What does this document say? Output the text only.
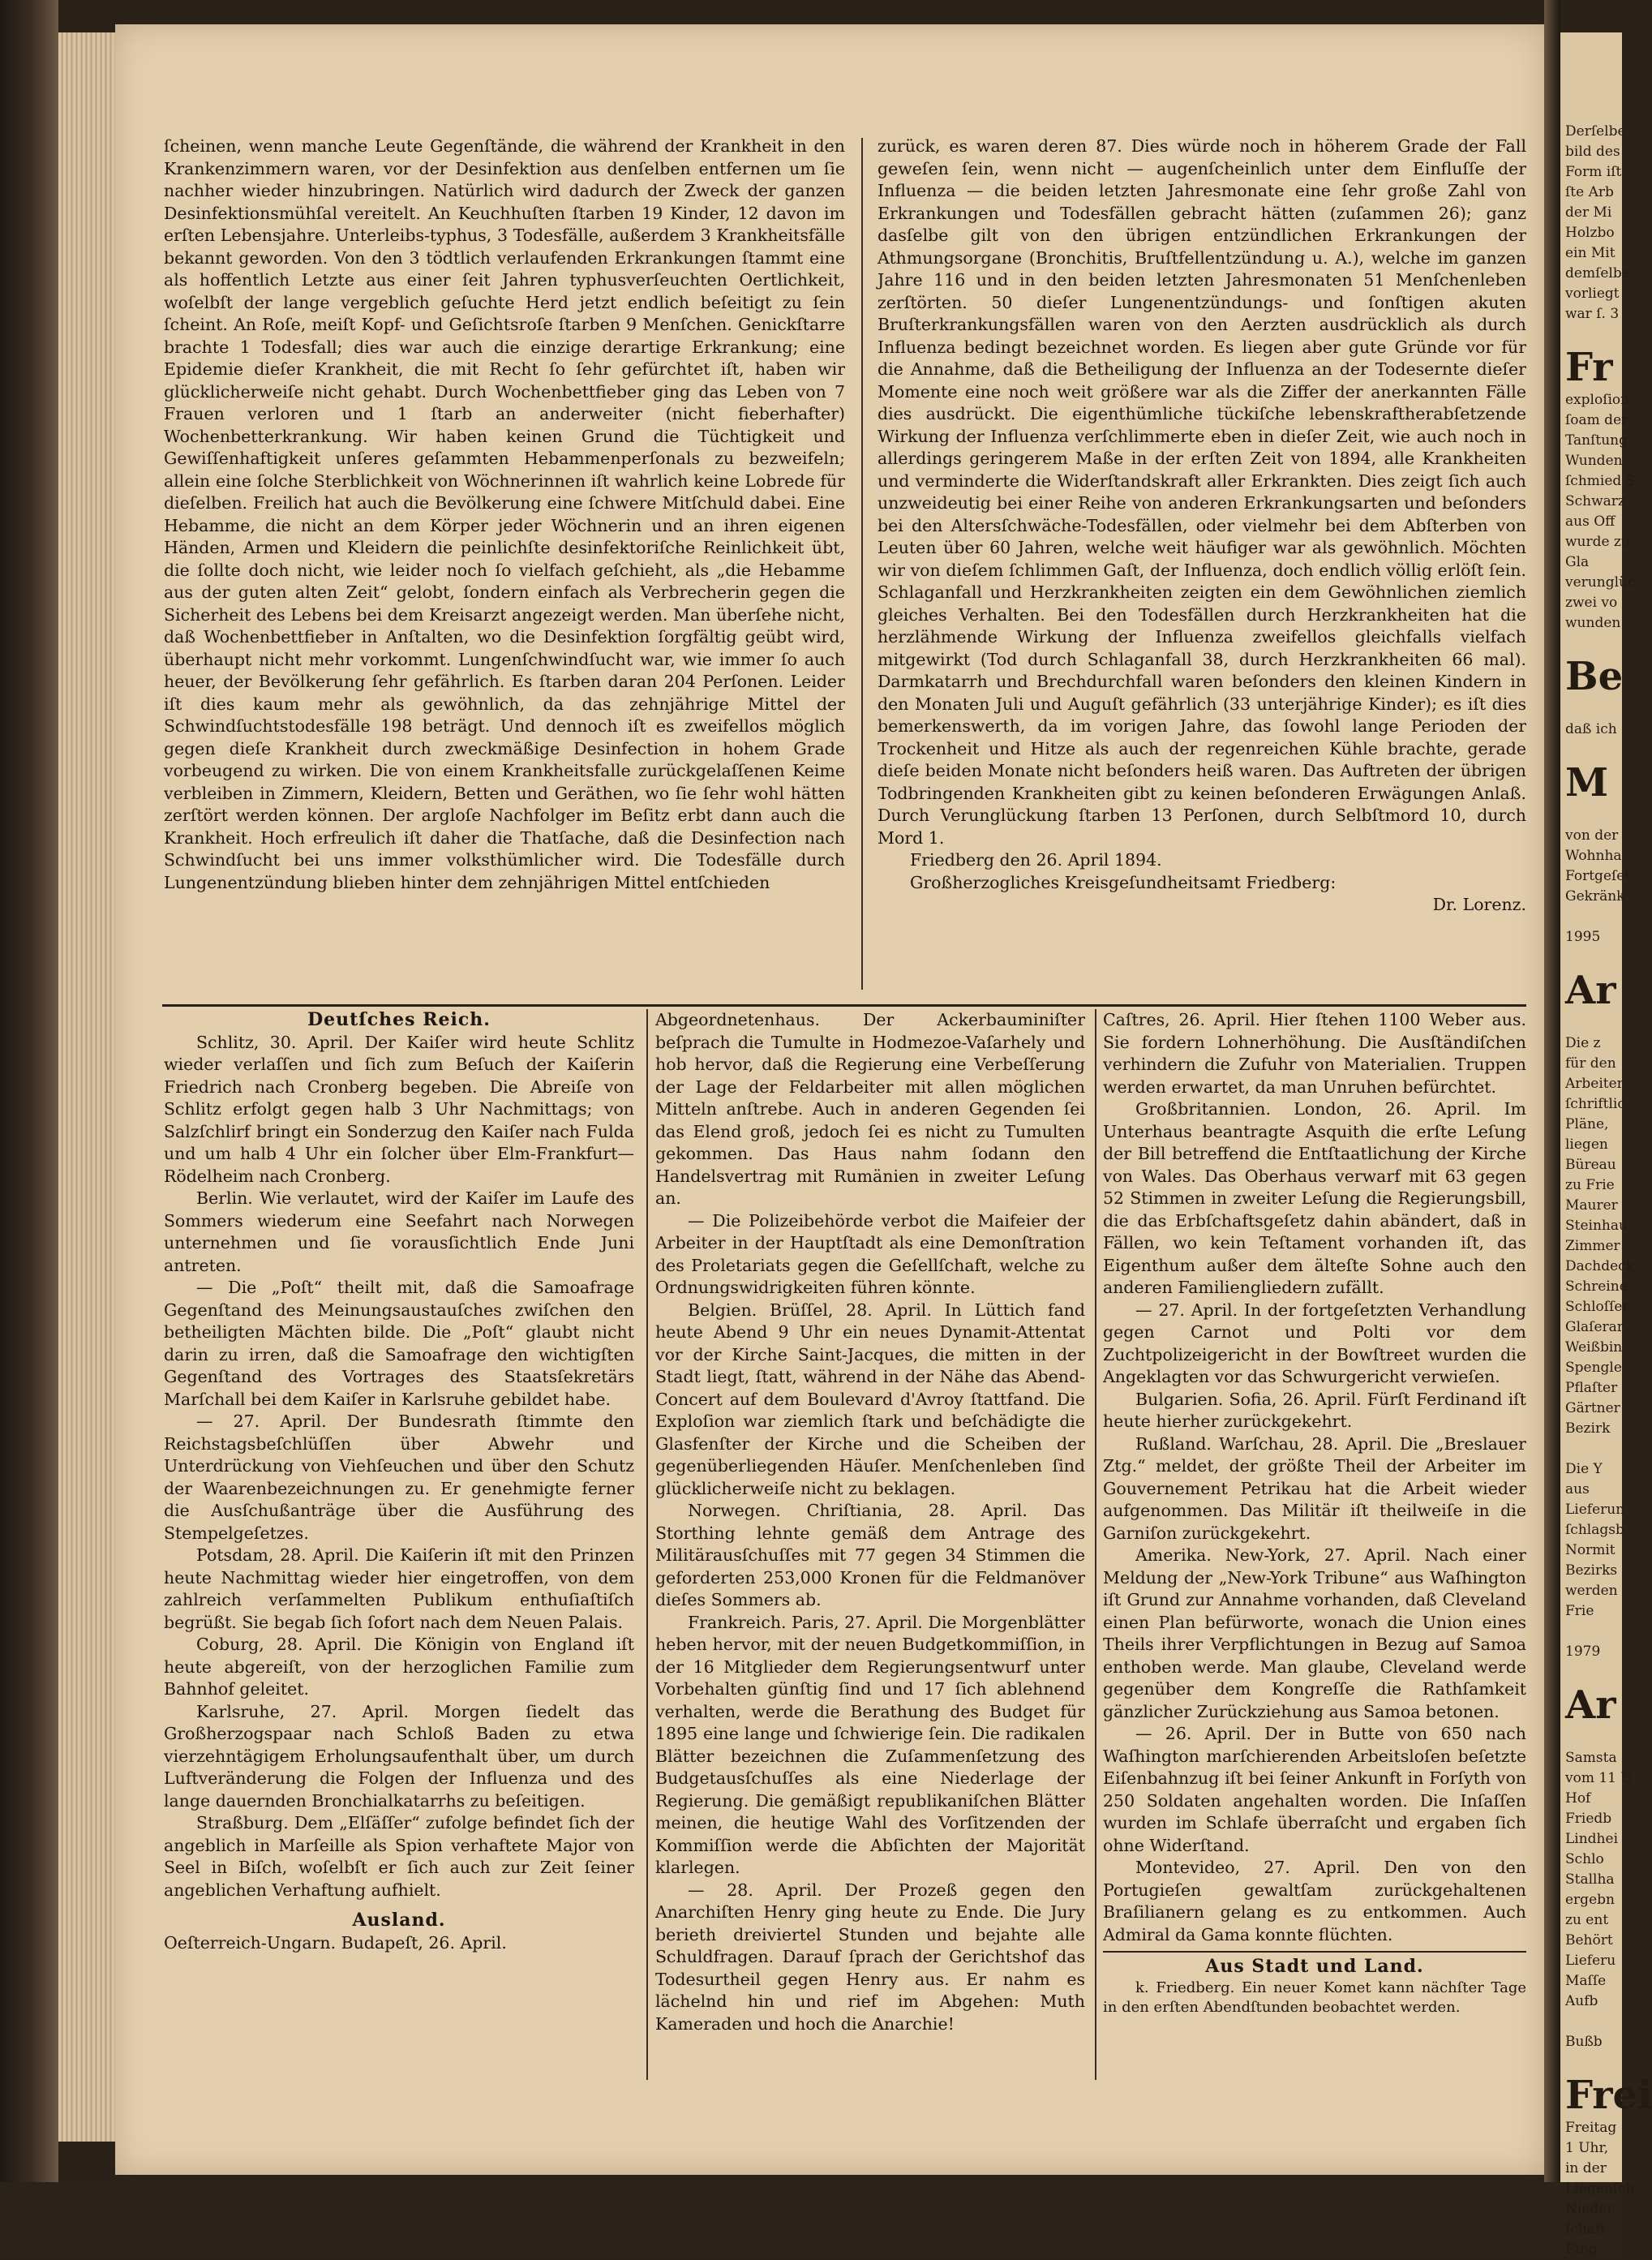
ſcheinen, wenn manche Leute Gegenſtände, die während der Krankheit in den Krankenzimmern waren, vor der Desinfektion aus denſelben entfernen um ſie nachher wieder hinzubringen. Natürlich wird dadurch der Zweck der ganzen Desinfektionsmühſal vereitelt. An Keuchhuſten ſtarben 19 Kinder, 12 davon im erſten Lebensjahre. Unterleibs-typhus, 3 Todesfälle, außerdem 3 Krankheitsfälle bekannt geworden. Von den 3 tödtlich verlaufenden Erkrankungen ſtammt eine als hoffentlich Letzte aus einer ſeit Jahren typhusverſeuchten Oertlichkeit, woſelbſt der lange vergeblich geſuchte Herd jetzt endlich beſeitigt zu ſein ſcheint. An Roſe, meiſt Kopf- und Geſichtsroſe ſtarben 9 Menſchen. Genickſtarre brachte 1 Todesfall; dies war auch die einzige derartige Erkrankung; eine Epidemie dieſer Krankheit, die mit Recht ſo ſehr gefürchtet iſt, haben wir glücklicherweiſe nicht gehabt. Durch Wochenbettfieber ging das Leben von 7 Frauen verloren und 1 ſtarb an anderweiter (nicht fieberhafter) Wochenbetterkrankung. Wir haben keinen Grund die Tüchtigkeit und Gewiſſenhaftigkeit unſeres geſammten Hebammenperſonals zu bezweifeln; allein eine ſolche Sterblichkeit von Wöchnerinnen iſt wahrlich keine Lobrede für dieſelben. Freilich hat auch die Bevölkerung eine ſchwere Mitſchuld dabei. Eine Hebamme, die nicht an dem Körper jeder Wöchnerin und an ihren eigenen Händen, Armen und Kleidern die peinlichſte desinfektoriſche Reinlichkeit übt, die ſollte doch nicht, wie leider noch ſo vielfach geſchieht, als „die Hebamme aus der guten alten Zeit“ gelobt, ſondern einfach als Verbrecherin gegen die Sicherheit des Lebens bei dem Kreisarzt angezeigt werden. Man überſehe nicht, daß Wochenbettfieber in Anſtalten, wo die Desinfektion ſorgfältig geübt wird, überhaupt nicht mehr vorkommt. Lungenſchwindſucht war, wie immer ſo auch heuer, der Bevölkerung ſehr gefährlich. Es ſtarben daran 204 Perſonen. Leider iſt dies kaum mehr als gewöhnlich, da das zehnjährige Mittel der Schwindſuchtstodesfälle 198 beträgt. Und dennoch iſt es zweifellos möglich gegen dieſe Krankheit durch zweckmäßige Desinfection in hohem Grade vorbeugend zu wirken. Die von einem Krankheitsfalle zurückgelaſſenen Keime verbleiben in Zimmern, Kleidern, Betten und Geräthen, wo ſie ſehr wohl hätten zerſtört werden können. Der argloſe Nachfolger im Beſitz erbt dann auch die Krankheit. Hoch erfreulich iſt daher die Thatſache, daß die Desinfection nach Schwindſucht bei uns immer volksthümlicher wird. Die Todesfälle durch Lungenentzündung blieben hinter dem zehnjährigen Mittel entſchieden

zurück, es waren deren 87. Dies würde noch in höherem Grade der Fall geweſen ſein, wenn nicht — augenſcheinlich unter dem Einfluſſe der Influenza — die beiden letzten Jahresmonate eine ſehr große Zahl von Erkrankungen und Todesfällen gebracht hätten (zuſammen 26); ganz dasſelbe gilt von den übrigen entzündlichen Erkrankungen der Athmungsorgane (Bronchitis, Bruſtfellentzündung u. A.), welche im ganzen Jahre 116 und in den beiden letzten Jahresmonaten 51 Menſchenleben zerſtörten. 50 dieſer Lungenentzündungs- und ſonſtigen akuten Bruſterkrankungsfällen waren von den Aerzten ausdrücklich als durch Influenza bedingt bezeichnet worden. Es liegen aber gute Gründe vor für die Annahme, daß die Betheiligung der Influenza an der Todesernte dieſer Momente eine noch weit größere war als die Ziffer der anerkannten Fälle dies ausdrückt. Die eigenthümliche tückiſche lebenskraftherabſetzende Wirkung der Influenza verſchlimmerte eben in dieſer Zeit, wie auch noch in allerdings geringerem Maße in der erſten Zeit von 1894, alle Krankheiten und verminderte die Widerſtandskraft aller Erkrankten. Dies zeigt ſich auch unzweideutig bei einer Reihe von anderen Erkrankungsarten und beſonders bei den Altersſchwäche-Todesfällen, oder vielmehr bei dem Abſterben von Leuten über 60 Jahren, welche weit häufiger war als gewöhnlich. Möchten wir von dieſem ſchlimmen Gaſt, der Influenza, doch endlich völlig erlöſt ſein. Schlaganfall und Herzkrankheiten zeigten ein dem Gewöhnlichen ziemlich gleiches Verhalten. Bei den Todesfällen durch Herzkrankheiten hat die herzlähmende Wirkung der Influenza zweifellos gleichfalls vielfach mitgewirkt (Tod durch Schlaganfall 38, durch Herzkrankheiten 66 mal). Darmkatarrh und Brechdurchfall waren beſonders den kleinen Kindern in den Monaten Juli und Auguſt gefährlich (33 unterjährige Kinder); es iſt dies bemerkenswerth, da im vorigen Jahre, das ſowohl lange Perioden der Trockenheit und Hitze als auch der regenreichen Kühle brachte, gerade dieſe beiden Monate nicht beſonders heiß waren. Das Auftreten der übrigen Todbringenden Krankheiten gibt zu keinen beſonderen Erwägungen Anlaß. Durch Verunglückung ſtarben 13 Perſonen, durch Selbſtmord 10, durch Mord 1.

Friedberg den 26. April 1894.

Großherzogliches Kreisgeſundheitsamt Friedberg:

Dr. Lorenz.

Deutſches Reich.

Schlitz, 30. April. Der Kaiſer wird heute Schlitz wieder verlaſſen und ſich zum Beſuch der Kaiſerin Friedrich nach Cronberg begeben. Die Abreiſe von Schlitz erfolgt gegen halb 3 Uhr Nachmittags; von Salzſchlirf bringt ein Sonderzug den Kaiſer nach Fulda und um halb 4 Uhr ein ſolcher über Elm-Frankfurt—Rödelheim nach Cronberg.

Berlin. Wie verlautet, wird der Kaiſer im Laufe des Sommers wiederum eine Seefahrt nach Norwegen unternehmen und ſie vorausſichtlich Ende Juni antreten.

— Die „Poſt“ theilt mit, daß die Samoafrage Gegenſtand des Meinungsaustauſches zwiſchen den betheiligten Mächten bilde. Die „Poſt“ glaubt nicht darin zu irren, daß die Samoafrage den wichtigſten Gegenſtand des Vortrages des Staatsſekretärs Marſchall bei dem Kaiſer in Karlsruhe gebildet habe.

— 27. April. Der Bundesrath ſtimmte den Reichstagsbeſchlüſſen über Abwehr und Unterdrückung von Viehſeuchen und über den Schutz der Waarenbezeichnungen zu. Er genehmigte ferner die Ausſchußanträge über die Ausführung des Stempelgeſetzes.

Potsdam, 28. April. Die Kaiſerin iſt mit den Prinzen heute Nachmittag wieder hier eingetroffen, von dem zahlreich verſammelten Publikum enthuſiaſtiſch begrüßt. Sie begab ſich ſofort nach dem Neuen Palais.

Coburg, 28. April. Die Königin von England iſt heute abgereiſt, von der herzoglichen Familie zum Bahnhof geleitet.

Karlsruhe, 27. April. Morgen ſiedelt das Großherzogspaar nach Schloß Baden zu etwa vierzehntägigem Erholungsaufenthalt über, um durch Luftveränderung die Folgen der Influenza und des lange dauernden Bronchialkatarrhs zu beſeitigen.

Straßburg. Dem „Elſäſſer“ zufolge befindet ſich der angeblich in Marſeille als Spion verhaftete Major von Seel in Biſch, woſelbſt er ſich auch zur Zeit ſeiner angeblichen Verhaftung aufhielt.

Ausland.

Oeſterreich-Ungarn. Budapeſt, 26. April.

Abgeordnetenhaus. Der Ackerbauminiſter beſprach die Tumulte in Hodmezoe-Vaſarhely und hob hervor, daß die Regierung eine Verbeſſerung der Lage der Feldarbeiter mit allen möglichen Mitteln anſtrebe. Auch in anderen Gegenden ſei das Elend groß, jedoch ſei es nicht zu Tumulten gekommen. Das Haus nahm ſodann den Handelsvertrag mit Rumänien in zweiter Leſung an.

— Die Polizeibehörde verbot die Maifeier der Arbeiter in der Hauptſtadt als eine Demonſtration des Proletariats gegen die Geſellſchaft, welche zu Ordnungswidrigkeiten führen könnte.

Belgien. Brüſſel, 28. April. In Lüttich fand heute Abend 9 Uhr ein neues Dynamit-Attentat vor der Kirche Saint-Jacques, die mitten in der Stadt liegt, ſtatt, während in der Nähe das Abend-Concert auf dem Boulevard d'Avroy ſtattfand. Die Exploſion war ziemlich ſtark und beſchädigte die Glasfenſter der Kirche und die Scheiben der gegenüberliegenden Häuſer. Menſchenleben ſind glücklicherweiſe nicht zu beklagen.

Norwegen. Chriſtiania, 28. April. Das Storthing lehnte gemäß dem Antrage des Militärausſchuſſes mit 77 gegen 34 Stimmen die geforderten 253,000 Kronen für die Feldmanöver dieſes Sommers ab.

Frankreich. Paris, 27. April. Die Morgenblätter heben hervor, mit der neuen Budgetkommiſſion, in der 16 Mitglieder dem Regierungsentwurf unter Vorbehalten günſtig ſind und 17 ſich ablehnend verhalten, werde die Berathung des Budget für 1895 eine lange und ſchwierige ſein. Die radikalen Blätter bezeichnen die Zuſammenſetzung des Budgetausſchuſſes als eine Niederlage der Regierung. Die gemäßigt republikaniſchen Blätter meinen, die heutige Wahl des Vorſitzenden der Kommiſſion werde die Abſichten der Majorität klarlegen.

— 28. April. Der Prozeß gegen den Anarchiſten Henry ging heute zu Ende. Die Jury berieth dreiviertel Stunden und bejahte alle Schuldfragen. Darauf ſprach der Gerichtshof das Todesurtheil gegen Henry aus. Er nahm es lächelnd hin und rief im Abgehen: Muth Kameraden und hoch die Anarchie!

Caſtres, 26. April. Hier ſtehen 1100 Weber aus. Sie fordern Lohnerhöhung. Die Ausſtändiſchen verhindern die Zufuhr von Materialien. Truppen werden erwartet, da man Unruhen befürchtet.

Großbritannien. London, 26. April. Im Unterhaus beantragte Asquith die erſte Leſung der Bill betreffend die Entſtaatlichung der Kirche von Wales. Das Oberhaus verwarf mit 63 gegen 52 Stimmen in zweiter Leſung die Regierungsbill, die das Erbſchaftsgeſetz dahin abändert, daß in Fällen, wo kein Teſtament vorhanden iſt, das Eigenthum außer dem älteſte Sohne auch den anderen Familiengliedern zufällt.

— 27. April. In der fortgeſetzten Verhandlung gegen Carnot und Polti vor dem Zuchtpolizeigericht in der Bowſtreet wurden die Angeklagten vor das Schwurgericht verwieſen.

Bulgarien. Sofia, 26. April. Fürſt Ferdinand iſt heute hierher zurückgekehrt.

Rußland. Warſchau, 28. April. Die „Breslauer Ztg.“ meldet, der größte Theil der Arbeiter im Gouvernement Petrikau hat die Arbeit wieder aufgenommen. Das Militär iſt theilweiſe in die Garniſon zurückgekehrt.

Amerika. New-York, 27. April. Nach einer Meldung der „New-York Tribune“ aus Waſhington iſt Grund zur Annahme vorhanden, daß Cleveland einen Plan befürworte, wonach die Union eines Theils ihrer Verpflichtungen in Bezug auf Samoa enthoben werde. Man glaube, Cleveland werde gegenüber dem Kongreſſe die Rathſamkeit gänzlicher Zurückziehung aus Samoa betonen.

— 26. April. Der in Butte von 650 nach Waſhington marſchierenden Arbeitsloſen beſetzte Eiſenbahnzug iſt bei ſeiner Ankunft in Forſyth von 250 Soldaten angehalten worden. Die Inſaſſen wurden im Schlafe überraſcht und ergaben ſich ohne Widerſtand.

Montevideo, 27. April. Den von den Portugieſen gewaltſam zurückgehaltenen Braſilianern gelang es zu entkommen. Auch Admiral da Gama konnte flüchten.

Aus Stadt und Land.

k. Friedberg. Ein neuer Komet kann nächſter Tage in den erſten Abendſtunden beobachtet werden.

Derſelbe
bild des
Form iſt
ſte Arb
der Mi
Holzbo
ein Mit
demſelbe
vorliegt
war ſ. 3

Fr
exploſion
ſoam der
Tanſtung
Wunden
ſchmied S
Schwarz
aus Off
wurde zu
Gla
verunglüc
zwei vo
wunden

Be

daß ich

M

von der
Wohnha
Fortgeſet
Gekränk

1995

Ar

Die z
für den
Arbeiter
ſchriftlic
Pläne,
liegen
Büreau
zu Frie
Maurer
Steinhau
Zimmer
Dachdeck
Schreine
Schloſſer
Glaſerar
Weißbin
Spengle
Pflaſter
Gärtner
Bezirk

Die Y
aus
Lieferun
ſchlagsb
Normit
Bezirks
werden
Frie

1979

Ar

Samsta
vom 11 U
Hof
Friedb
Lindhei
Schlo
Stallha
ergebn
zu ent
Behört
Lieferu
Maſſe
Aufb

Bußb

Frei
Freitag
1 Uhr,
in der
Liegenſch
Nieder
ſchaft
Eing
